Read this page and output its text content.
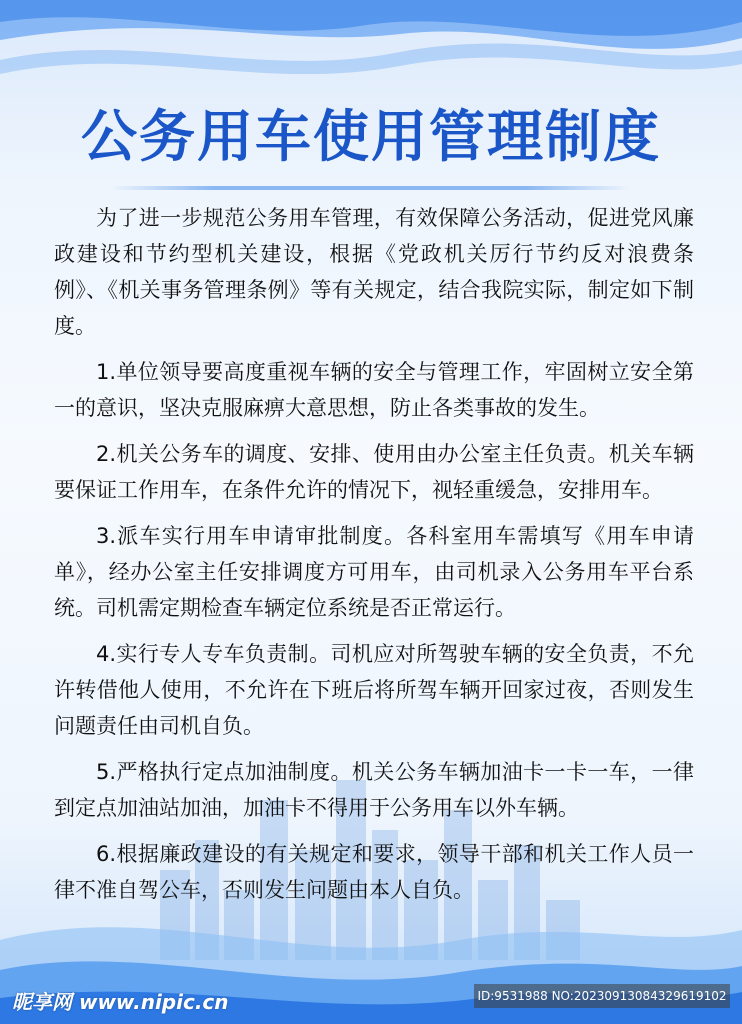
公务用车使用管理制度

为了进一步规范公务用车管理，有效保障公务活动，促进党风廉政建设和节约型机关建设，根据《党政机关厉行节约反对浪费条例》、《机关事务管理条例》等有关规定，结合我院实际，制定如下制度。

1.单位领导要高度重视车辆的安全与管理工作，牢固树立安全第一的意识，坚决克服麻痹大意思想，防止各类事故的发生。

2.机关公务车的调度、安排、使用由办公室主任负责。机关车辆要保证工作用车，在条件允许的情况下，视轻重缓急，安排用车。

3.派车实行用车申请审批制度。各科室用车需填写《用车申请单》，经办公室主任安排调度方可用车，由司机录入公务用车平台系统。司机需定期检查车辆定位系统是否正常运行。

4.实行专人专车负责制。司机应对所驾驶车辆的安全负责，不允许转借他人使用，不允许在下班后将所驾车辆开回家过夜，否则发生问题责任由司机自负。

5.严格执行定点加油制度。机关公务车辆加油卡一卡一车，一律到定点加油站加油，加油卡不得用于公务用车以外车辆。

6.根据廉政建设的有关规定和要求，领导干部和机关工作人员一律不准自驾公车，否则发生问题由本人自负。

昵享网 www.nipic.cn	ID:9531988 NO:20230913084329619102
